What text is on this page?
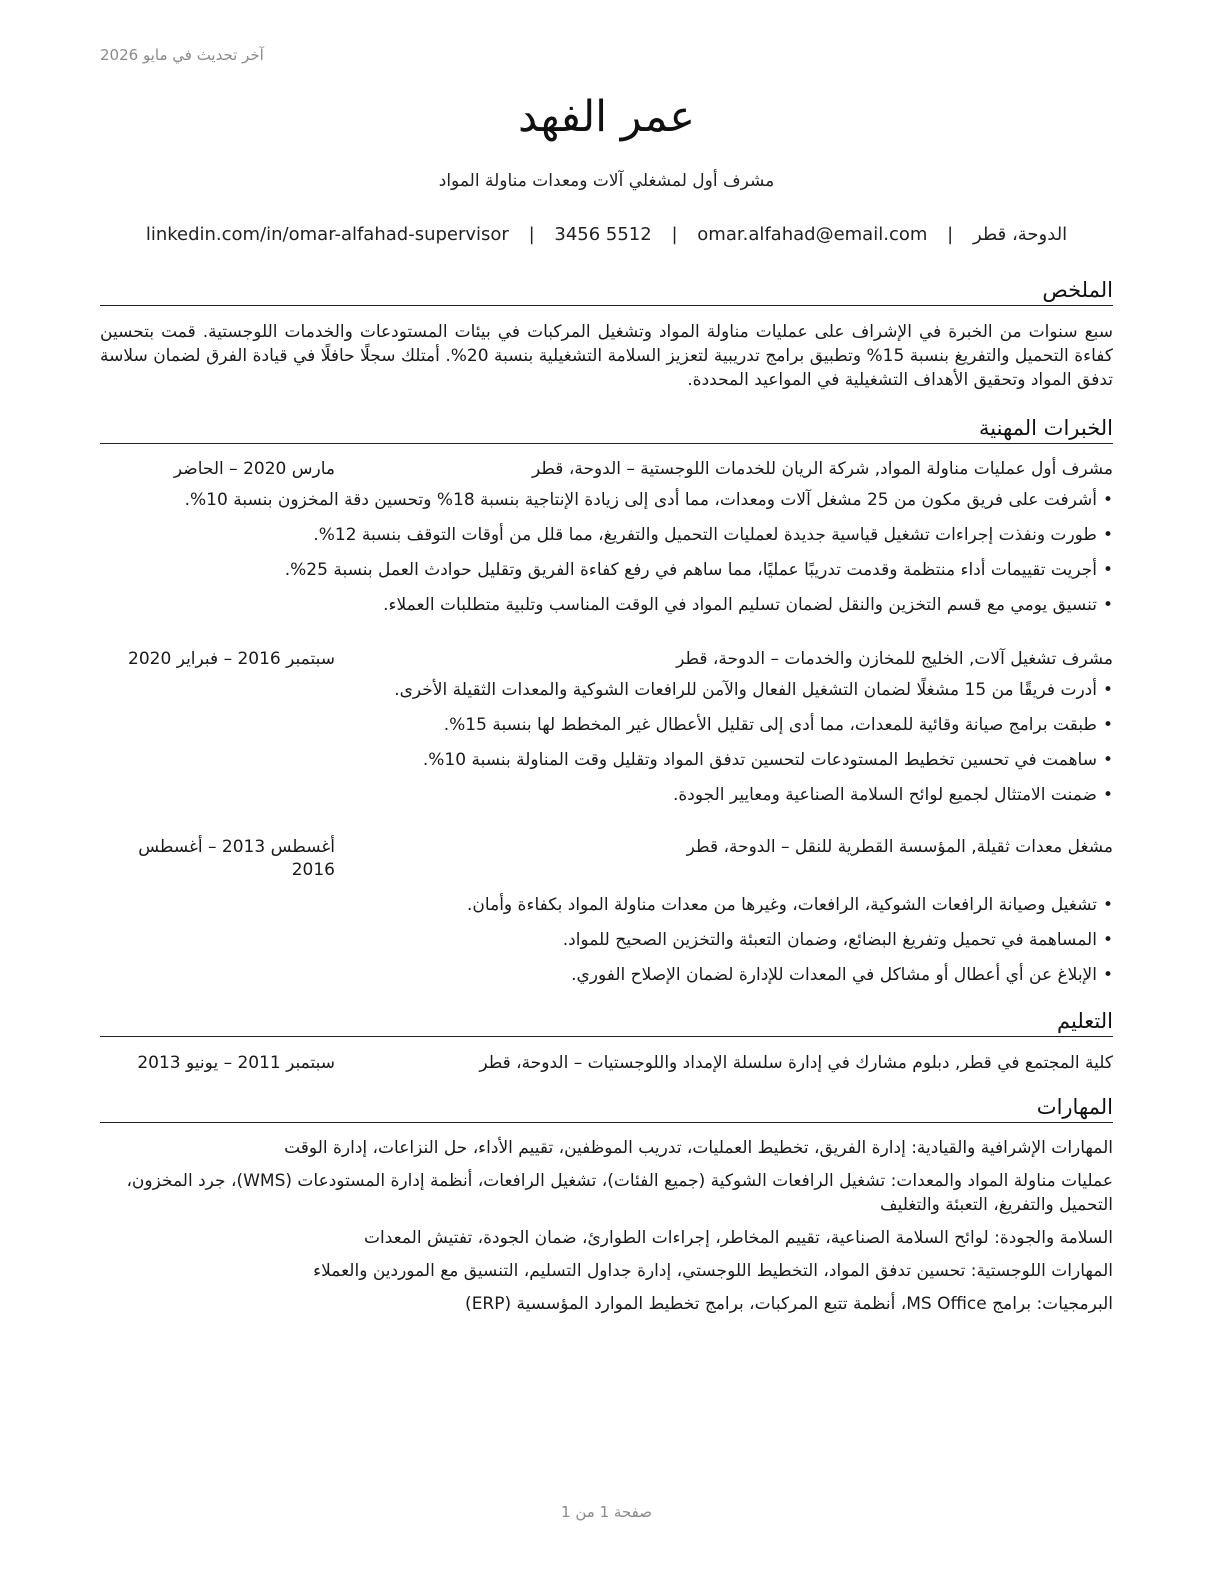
آخر تحديث في مايو 2026
عمر الفهد
مشرف أول لمشغلي آلات ومعدات مناولة المواد
الدوحة، قطر | omar.alfahad@email.com | 3456 5512 | linkedin.com/in/omar-alfahad-supervisor
الملخص
سبع سنوات من الخبرة في الإشراف على عمليات مناولة المواد وتشغيل المركبات في بيئات المستودعات والخدمات اللوجستية. قمت بتحسين كفاءة التحميل والتفريغ بنسبة 15% وتطبيق برامج تدريبية لتعزيز السلامة التشغيلية بنسبة 20%. أمتلك سجلًا حافلًا في قيادة الفرق لضمان سلاسة تدفق المواد وتحقيق الأهداف التشغيلية في المواعيد المحددة.
الخبرات المهنية
مشرف أول عمليات مناولة المواد, شركة الريان للخدمات اللوجستية – الدوحة، قطر
مارس 2020 – الحاضر
•أشرفت على فريق مكون من 25 مشغل آلات ومعدات، مما أدى إلى زيادة الإنتاجية بنسبة 18% وتحسين دقة المخزون بنسبة 10%.
•طورت ونفذت إجراءات تشغيل قياسية جديدة لعمليات التحميل والتفريغ، مما قلل من أوقات التوقف بنسبة 12%.
•أجريت تقييمات أداء منتظمة وقدمت تدريبًا عمليًا، مما ساهم في رفع كفاءة الفريق وتقليل حوادث العمل بنسبة 25%.
•تنسيق يومي مع قسم التخزين والنقل لضمان تسليم المواد في الوقت المناسب وتلبية متطلبات العملاء.
مشرف تشغيل آلات, الخليج للمخازن والخدمات – الدوحة، قطر
سبتمبر 2016 – فبراير 2020
•أدرت فريقًا من 15 مشغلًا لضمان التشغيل الفعال والآمن للرافعات الشوكية والمعدات الثقيلة الأخرى.
•طبقت برامج صيانة وقائية للمعدات، مما أدى إلى تقليل الأعطال غير المخطط لها بنسبة 15%.
•ساهمت في تحسين تخطيط المستودعات لتحسين تدفق المواد وتقليل وقت المناولة بنسبة 10%.
•ضمنت الامتثال لجميع لوائح السلامة الصناعية ومعايير الجودة.
مشغل معدات ثقيلة, المؤسسة القطرية للنقل – الدوحة، قطر
أغسطس 2013 – أغسطس 2016
•تشغيل وصيانة الرافعات الشوكية، الرافعات، وغيرها من معدات مناولة المواد بكفاءة وأمان.
•المساهمة في تحميل وتفريغ البضائع، وضمان التعبئة والتخزين الصحيح للمواد.
•الإبلاغ عن أي أعطال أو مشاكل في المعدات للإدارة لضمان الإصلاح الفوري.
التعليم
كلية المجتمع في قطر, دبلوم مشارك في إدارة سلسلة الإمداد واللوجستيات – الدوحة، قطر
سبتمبر 2011 – يونيو 2013
المهارات
المهارات الإشرافية والقيادية: إدارة الفريق، تخطيط العمليات، تدريب الموظفين، تقييم الأداء، حل النزاعات، إدارة الوقت
عمليات مناولة المواد والمعدات: تشغيل الرافعات الشوكية (جميع الفئات)، تشغيل الرافعات، أنظمة إدارة المستودعات (WMS)، جرد المخزون، التحميل والتفريغ، التعبئة والتغليف
السلامة والجودة: لوائح السلامة الصناعية، تقييم المخاطر، إجراءات الطوارئ، ضمان الجودة، تفتيش المعدات
المهارات اللوجستية: تحسين تدفق المواد، التخطيط اللوجستي، إدارة جداول التسليم، التنسيق مع الموردين والعملاء
البرمجيات: برامج MS Office، أنظمة تتبع المركبات، برامج تخطيط الموارد المؤسسية (ERP)
صفحة 1 من 1
